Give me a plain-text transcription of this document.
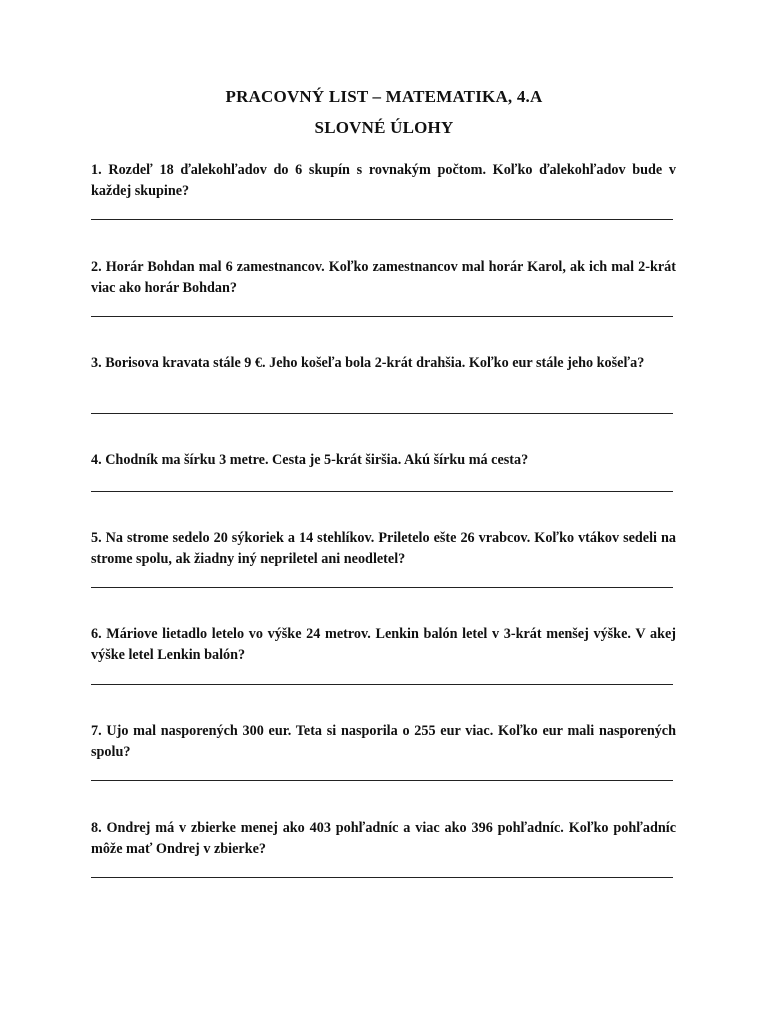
PRACOVNÝ LIST – MATEMATIKA, 4.A
SLOVNÉ ÚLOHY

1. Rozdeľ 18 ďalekohľadov do 6 skupín s rovnakým počtom. Koľko ďalekohľadov bude v každej skupine?

2. Horár Bohdan mal 6 zamestnancov. Koľko zamestnancov mal horár Karol, ak ich mal 2-krát viac ako horár Bohdan?

3. Borisova kravata stále 9 €. Jeho košeľa bola 2-krát drahšia. Koľko eur stále jeho košeľa?

4. Chodník ma šírku 3 metre. Cesta je 5-krát širšia. Akú šírku má cesta?

5. Na strome sedelo 20 sýkoriek a 14 stehlíkov. Priletelo ešte 26 vrabcov. Koľko vtákov sedeli na strome spolu, ak žiadny iný nepriletel ani neodletel?

6. Máriove lietadlo letelo vo výške 24 metrov. Lenkin balón letel v 3-krát menšej výške. V akej výške letel Lenkin balón?

7. Ujo mal nasporených 300 eur. Teta si nasporila o 255 eur viac. Koľko eur mali nasporených spolu?

8. Ondrej má v zbierke menej ako 403 pohľadníc a viac ako 396 pohľadníc. Koľko pohľadníc môže mať Ondrej v zbierke?
